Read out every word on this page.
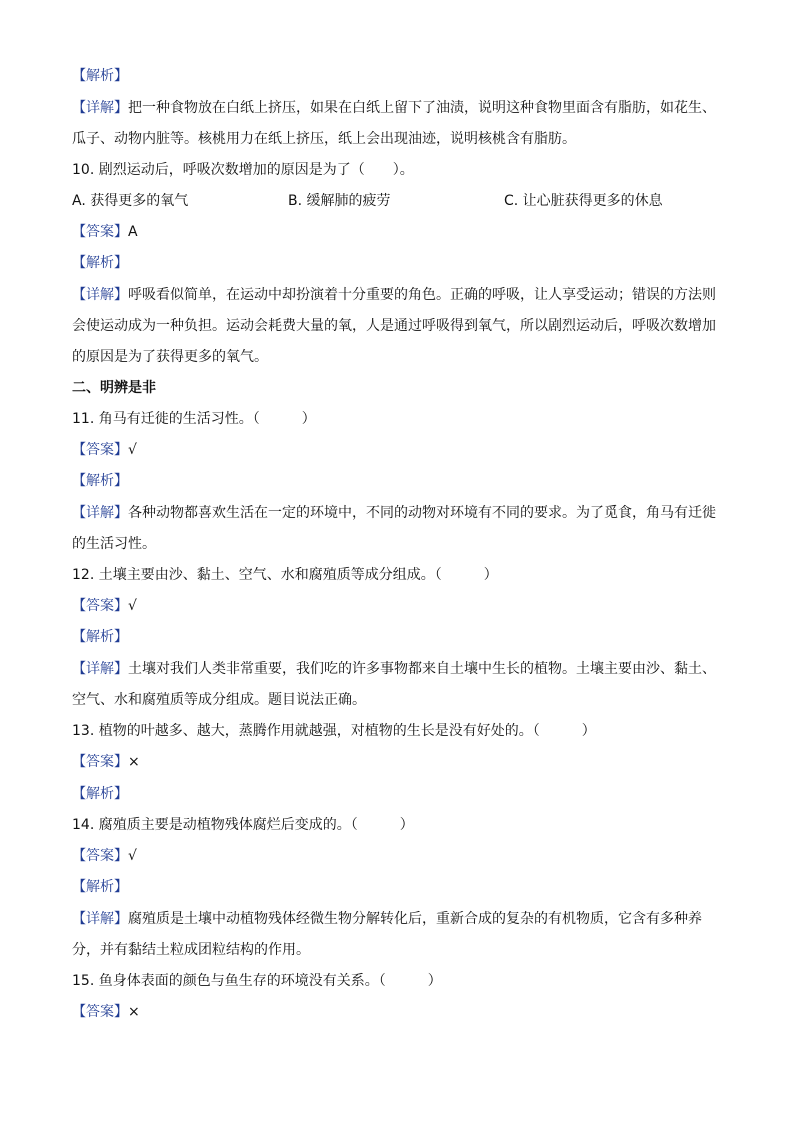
【解析】
【详解】把一种食物放在白纸上挤压，如果在白纸上留下了油渍，说明这种食物里面含有脂肪，如花生、
瓜子、动物内脏等。核桃用力在纸上挤压，纸上会出现油迹，说明核桃含有脂肪。
10. 剧烈运动后，呼吸次数增加的原因是为了（　　）。
A. 获得更多的氧气	B. 缓解肺的疲劳	C. 让心脏获得更多的休息
【答案】A
【解析】
【详解】呼吸看似简单，在运动中却扮演着十分重要的角色。正确的呼吸，让人享受运动；错误的方法则
会使运动成为一种负担。运动会耗费大量的氧，人是通过呼吸得到氧气，所以剧烈运动后，呼吸次数增加
的原因是为了获得更多的氧气。
二、明辨是非
11. 角马有迁徙的生活习性。（　　　）
【答案】√
【解析】
【详解】各种动物都喜欢生活在一定的环境中，不同的动物对环境有不同的要求。为了觅食，角马有迁徙
的生活习性。
12. 土壤主要由沙、黏土、空气、水和腐殖质等成分组成。（　　　）
【答案】√
【解析】
【详解】土壤对我们人类非常重要，我们吃的许多事物都来自土壤中生长的植物。土壤主要由沙、黏土、
空气、水和腐殖质等成分组成。题目说法正确。
13. 植物的叶越多、越大，蒸腾作用就越强，对植物的生长是没有好处的。（　　　）
【答案】×
【解析】
14. 腐殖质主要是动植物残体腐烂后变成的。（　　　）
【答案】√
【解析】
【详解】腐殖质是土壤中动植物残体经微生物分解转化后，重新合成的复杂的有机物质，它含有多种养
分，并有黏结土粒成团粒结构的作用。
15. 鱼身体表面的颜色与鱼生存的环境没有关系。（　　　）
【答案】×
